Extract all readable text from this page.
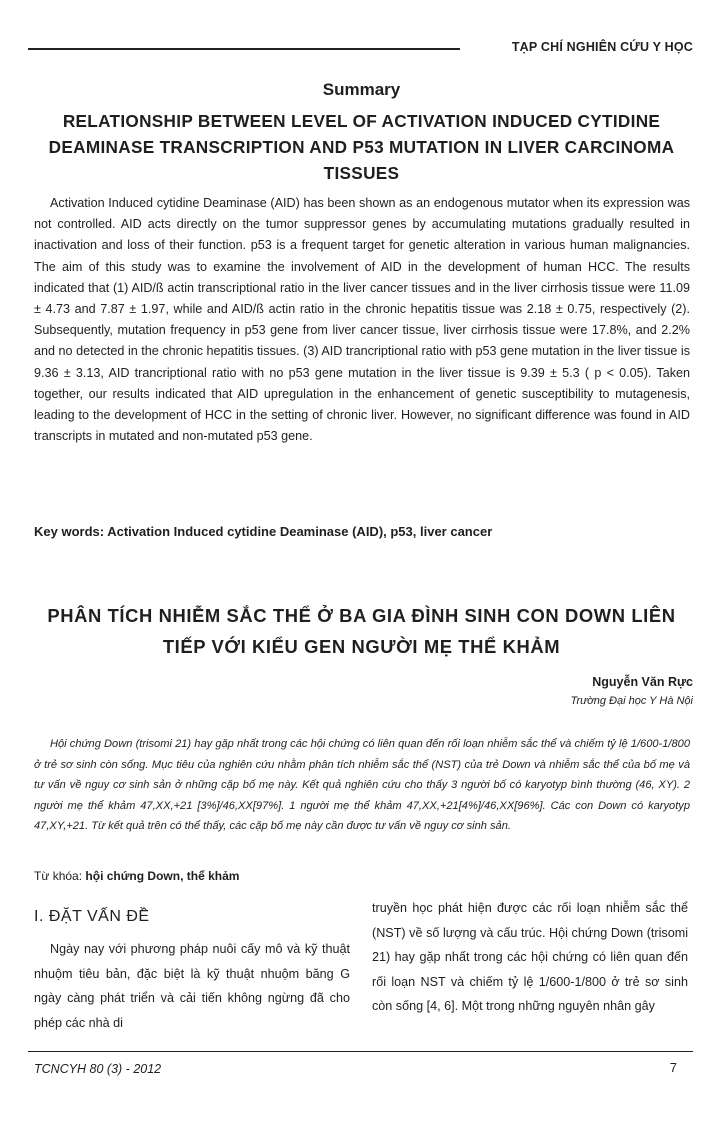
TẠP CHÍ NGHIÊN CỨU Y HỌC
Summary
RELATIONSHIP BETWEEN LEVEL OF ACTIVATION INDUCED CYTIDINE DEAMINASE TRANSCRIPTION AND P53 MUTATION IN LIVER CARCINOMA TISSUES

Activation Induced cytidine Deaminase (AID) has been shown as an endogenous mutator when its expression was not controlled. AID acts directly on the tumor suppressor genes by accumulating mutations gradually resulted in inactivation and loss of their function. p53 is a frequent target for genetic alteration in various human malignancies. The aim of this study was to examine the involvement of AID in the development of human HCC. The results indicated that (1) AID/ß actin transcriptional ratio in the liver cancer tissues and in the liver cirrhosis tissue were 11.09 ± 4.73 and 7.87 ± 1.97, while and AID/ß actin ratio in the chronic hepatitis tissue was 2.18 ± 0.75, respectively (2). Subsequently, mutation frequency in p53 gene from liver cancer tissue, liver cirrhosis tissue were 17.8%, and 2.2% and no detected in the chronic hepatitis tissues. (3) AID trancriptional ratio with p53 gene mutation in the liver tissue is 9.36 ± 3.13, AID trancriptional ratio with no p53 gene mutation in the liver tissue is 9.39 ± 5.3 ( p < 0.05). Taken together, our results indicated that AID upregulation in the enhancement of genetic susceptibility to mutagenesis, leading to the development of HCC in the setting of chronic liver. However, no significant difference was found in AID transcripts in mutated and non-mutated p53 gene.

Key words: Activation Induced cytidine Deaminase (AID), p53, liver cancer
PHÂN TÍCH NHIỄM SẮC THỂ Ở BA GIA ĐÌNH SINH CON DOWN LIÊN TIẾP VỚI KIỂU GEN NGƯỜI MẸ THỂ KHẢM
Nguyễn Văn Rực
Trường Đại học Y Hà Nội

Hội chứng Down (trisomi 21) hay gặp nhất trong các hội chứng có liên quan đến rối loạn nhiễm sắc thể và chiếm tỷ lệ 1/600-1/800 ở trẻ sơ sinh còn sống. Mục tiêu của nghiên cứu nhằm phân tích nhiễm sắc thể (NST) của trẻ Down và nhiễm sắc thể của bố mẹ và tư vấn về nguy cơ sinh sản ở những cặp bố mẹ này. Kết quả nghiên cứu cho thấy 3 người bố có karyotyp bình thường (46, XY). 2 người mẹ thể khảm 47,XX,+21 [3%]/46,XX[97%]. 1 người mẹ thể khảm 47,XX,+21[4%]/46,XX[96%]. Các con Down có karyotyp 47,XY,+21. Từ kết quả trên có thể thấy, các cặp bố mẹ này cần được tư vấn về nguy cơ sinh sản.

Từ khóa: hội chứng Down, thể khảm
I. ĐẶT VẤN ĐỀ

Ngày nay với phương pháp nuôi cấy mô và kỹ thuật nhuộm tiêu bản, đặc biệt là kỹ thuật nhuộm băng G ngày càng phát triển và cải tiến không ngừng đã cho phép các nhà di

truyền học phát hiện được các rối loạn nhiễm sắc thể (NST) về số lượng và cấu trúc. Hội chứng Down (trisomi 21) hay gặp nhất trong các hội chứng có liên quan đến rối loạn NST và chiếm tỷ lệ 1/600-1/800 ở trẻ sơ sinh còn sống [4, 6]. Một trong những nguyên nhân gây

TCNCYH 80 (3) - 2012	7
